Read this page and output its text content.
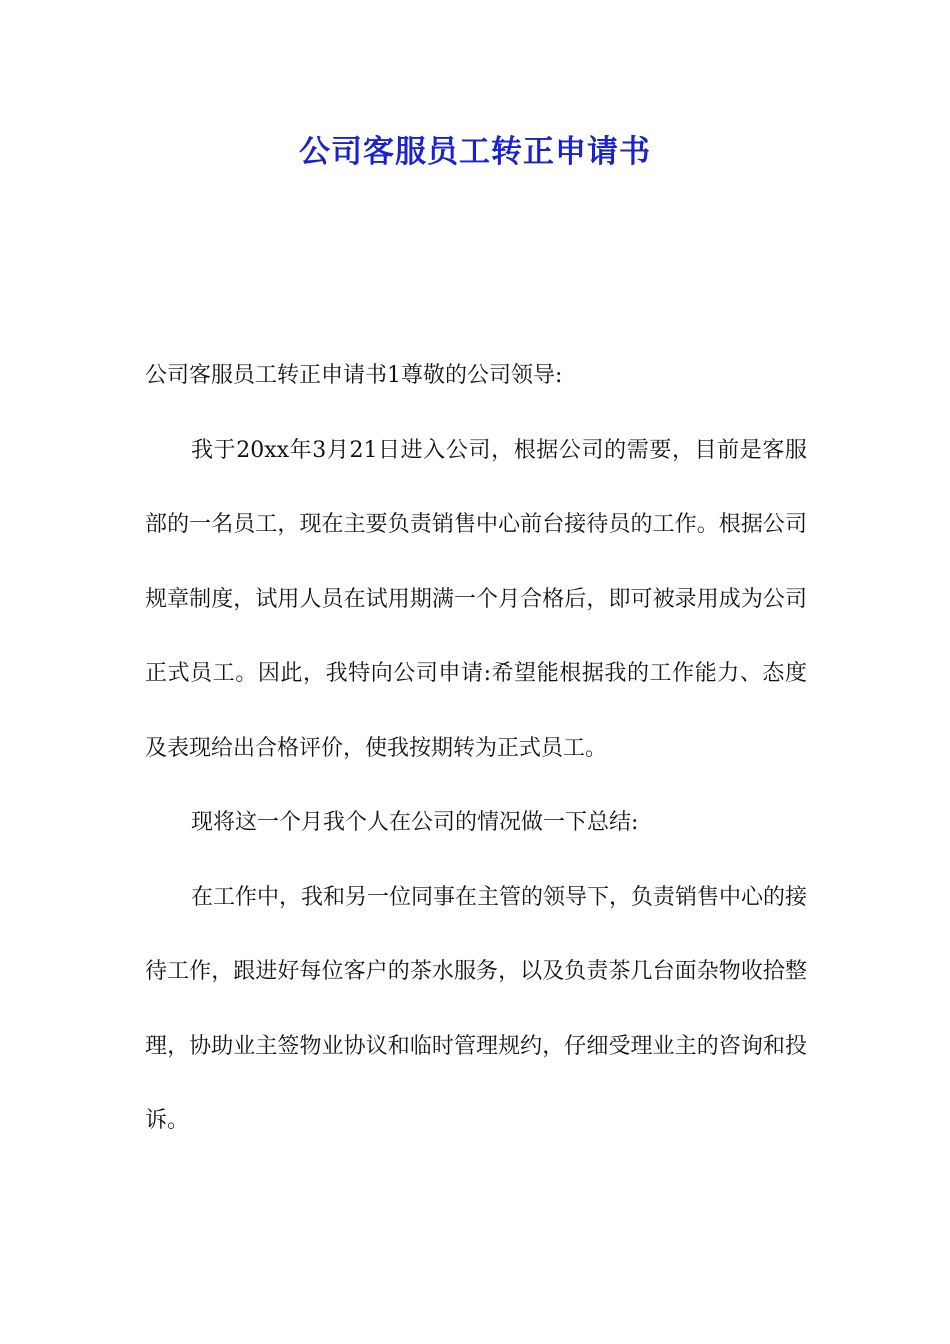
公司客服员工转正申请书

公司客服员工转正申请书1尊敬的公司领导:

我于20xx年3月21日进入公司，根据公司的需要，目前是客服部的一名员工，现在主要负责销售中心前台接待员的工作。根据公司规章制度，试用人员在试用期满一个月合格后，即可被录用成为公司正式员工。因此，我特向公司申请:希望能根据我的工作能力、态度及表现给出合格评价，使我按期转为正式员工。

现将这一个月我个人在公司的情况做一下总结:

在工作中，我和另一位同事在主管的领导下，负责销售中心的接待工作，跟进好每位客户的茶水服务，以及负责茶几台面杂物收拾整理，协助业主签物业协议和临时管理规约，仔细受理业主的咨询和投诉。
